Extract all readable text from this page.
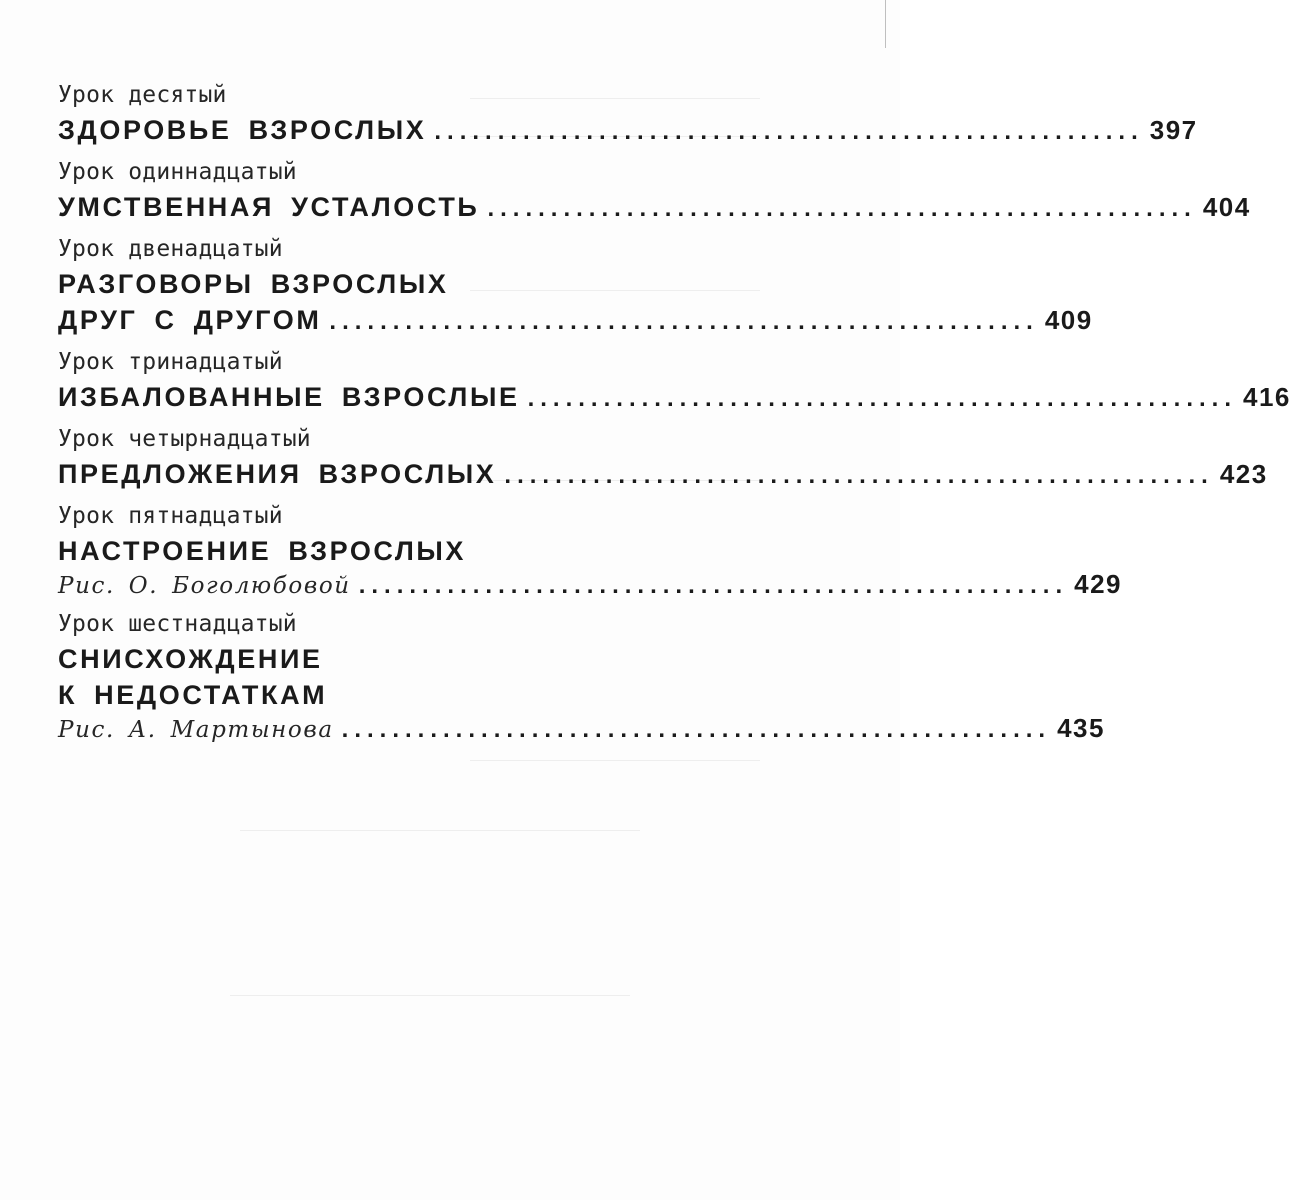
Урок десятый
ЗДОРОВЬЕ ВЗРОСЛЫХ ........................................................ 397
Урок одиннадцатый
УМСТВЕННАЯ УСТАЛОСТЬ ........................................................ 404
Урок двенадцатый
РАЗГОВОРЫ ВЗРОСЛЫХ
ДРУГ С ДРУГОМ ........................................................ 409
Урок тринадцатый
ИЗБАЛОВАННЫЕ ВЗРОСЛЫЕ ........................................................ 416
Урок четырнадцатый
ПРЕДЛОЖЕНИЯ ВЗРОСЛЫХ ........................................................ 423
Урок пятнадцатый
НАСТРОЕНИЕ ВЗРОСЛЫХ
Рис. О. Боголюбовой ........................................................ 429
Урок шестнадцатый
СНИСХОЖДЕНИЕ
К НЕДОСТАТКАМ
Рис. А. Мартынова ........................................................ 435
